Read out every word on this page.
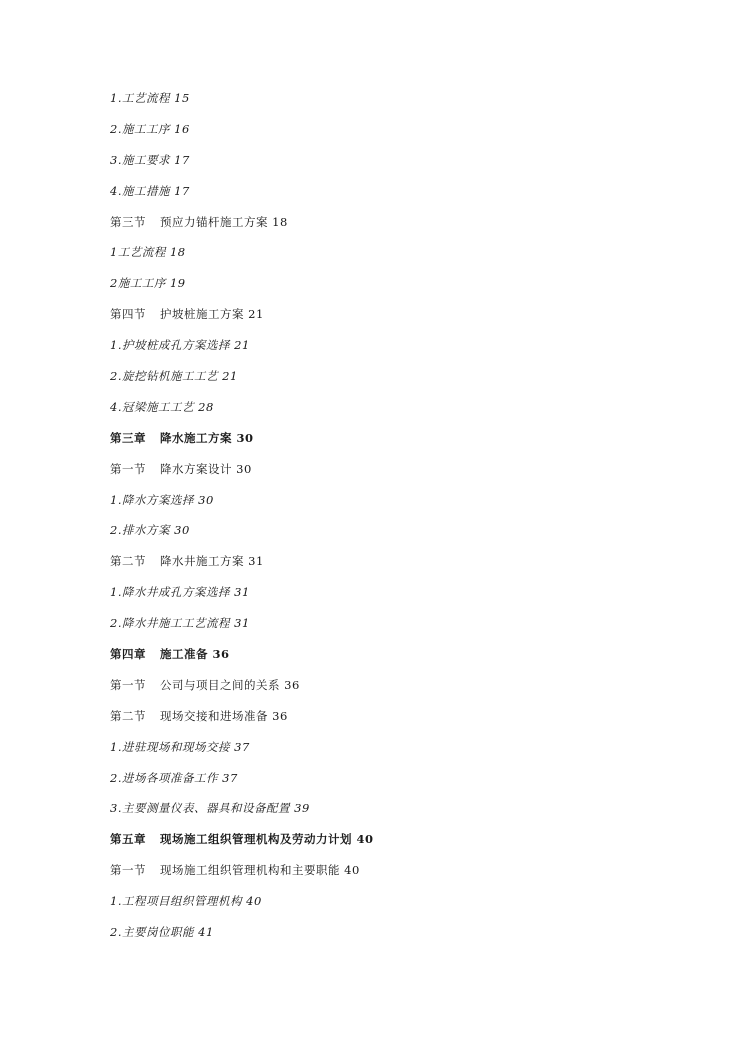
1.工艺流程 15
2.施工工序 16
3.施工要求 17
4.施工措施 17
第三节 预应力锚杆施工方案 18
1工艺流程 18
2施工工序 19
第四节 护坡桩施工方案 21
1.护坡桩成孔方案选择 21
2.旋挖钻机施工工艺 21
4.冠梁施工工艺 28
第三章 降水施工方案 30
第一节 降水方案设计 30
1.降水方案选择 30
2.排水方案 30
第二节 降水井施工方案 31
1.降水井成孔方案选择 31
2.降水井施工工艺流程 31
第四章 施工准备 36
第一节 公司与项目之间的关系 36
第二节 现场交接和进场准备 36
1.进驻现场和现场交接 37
2.进场各项准备工作 37
3.主要测量仪表、器具和设备配置 39
第五章 现场施工组织管理机构及劳动力计划 40
第一节 现场施工组织管理机构和主要职能 40
1.工程项目组织管理机构 40
2.主要岗位职能 41
